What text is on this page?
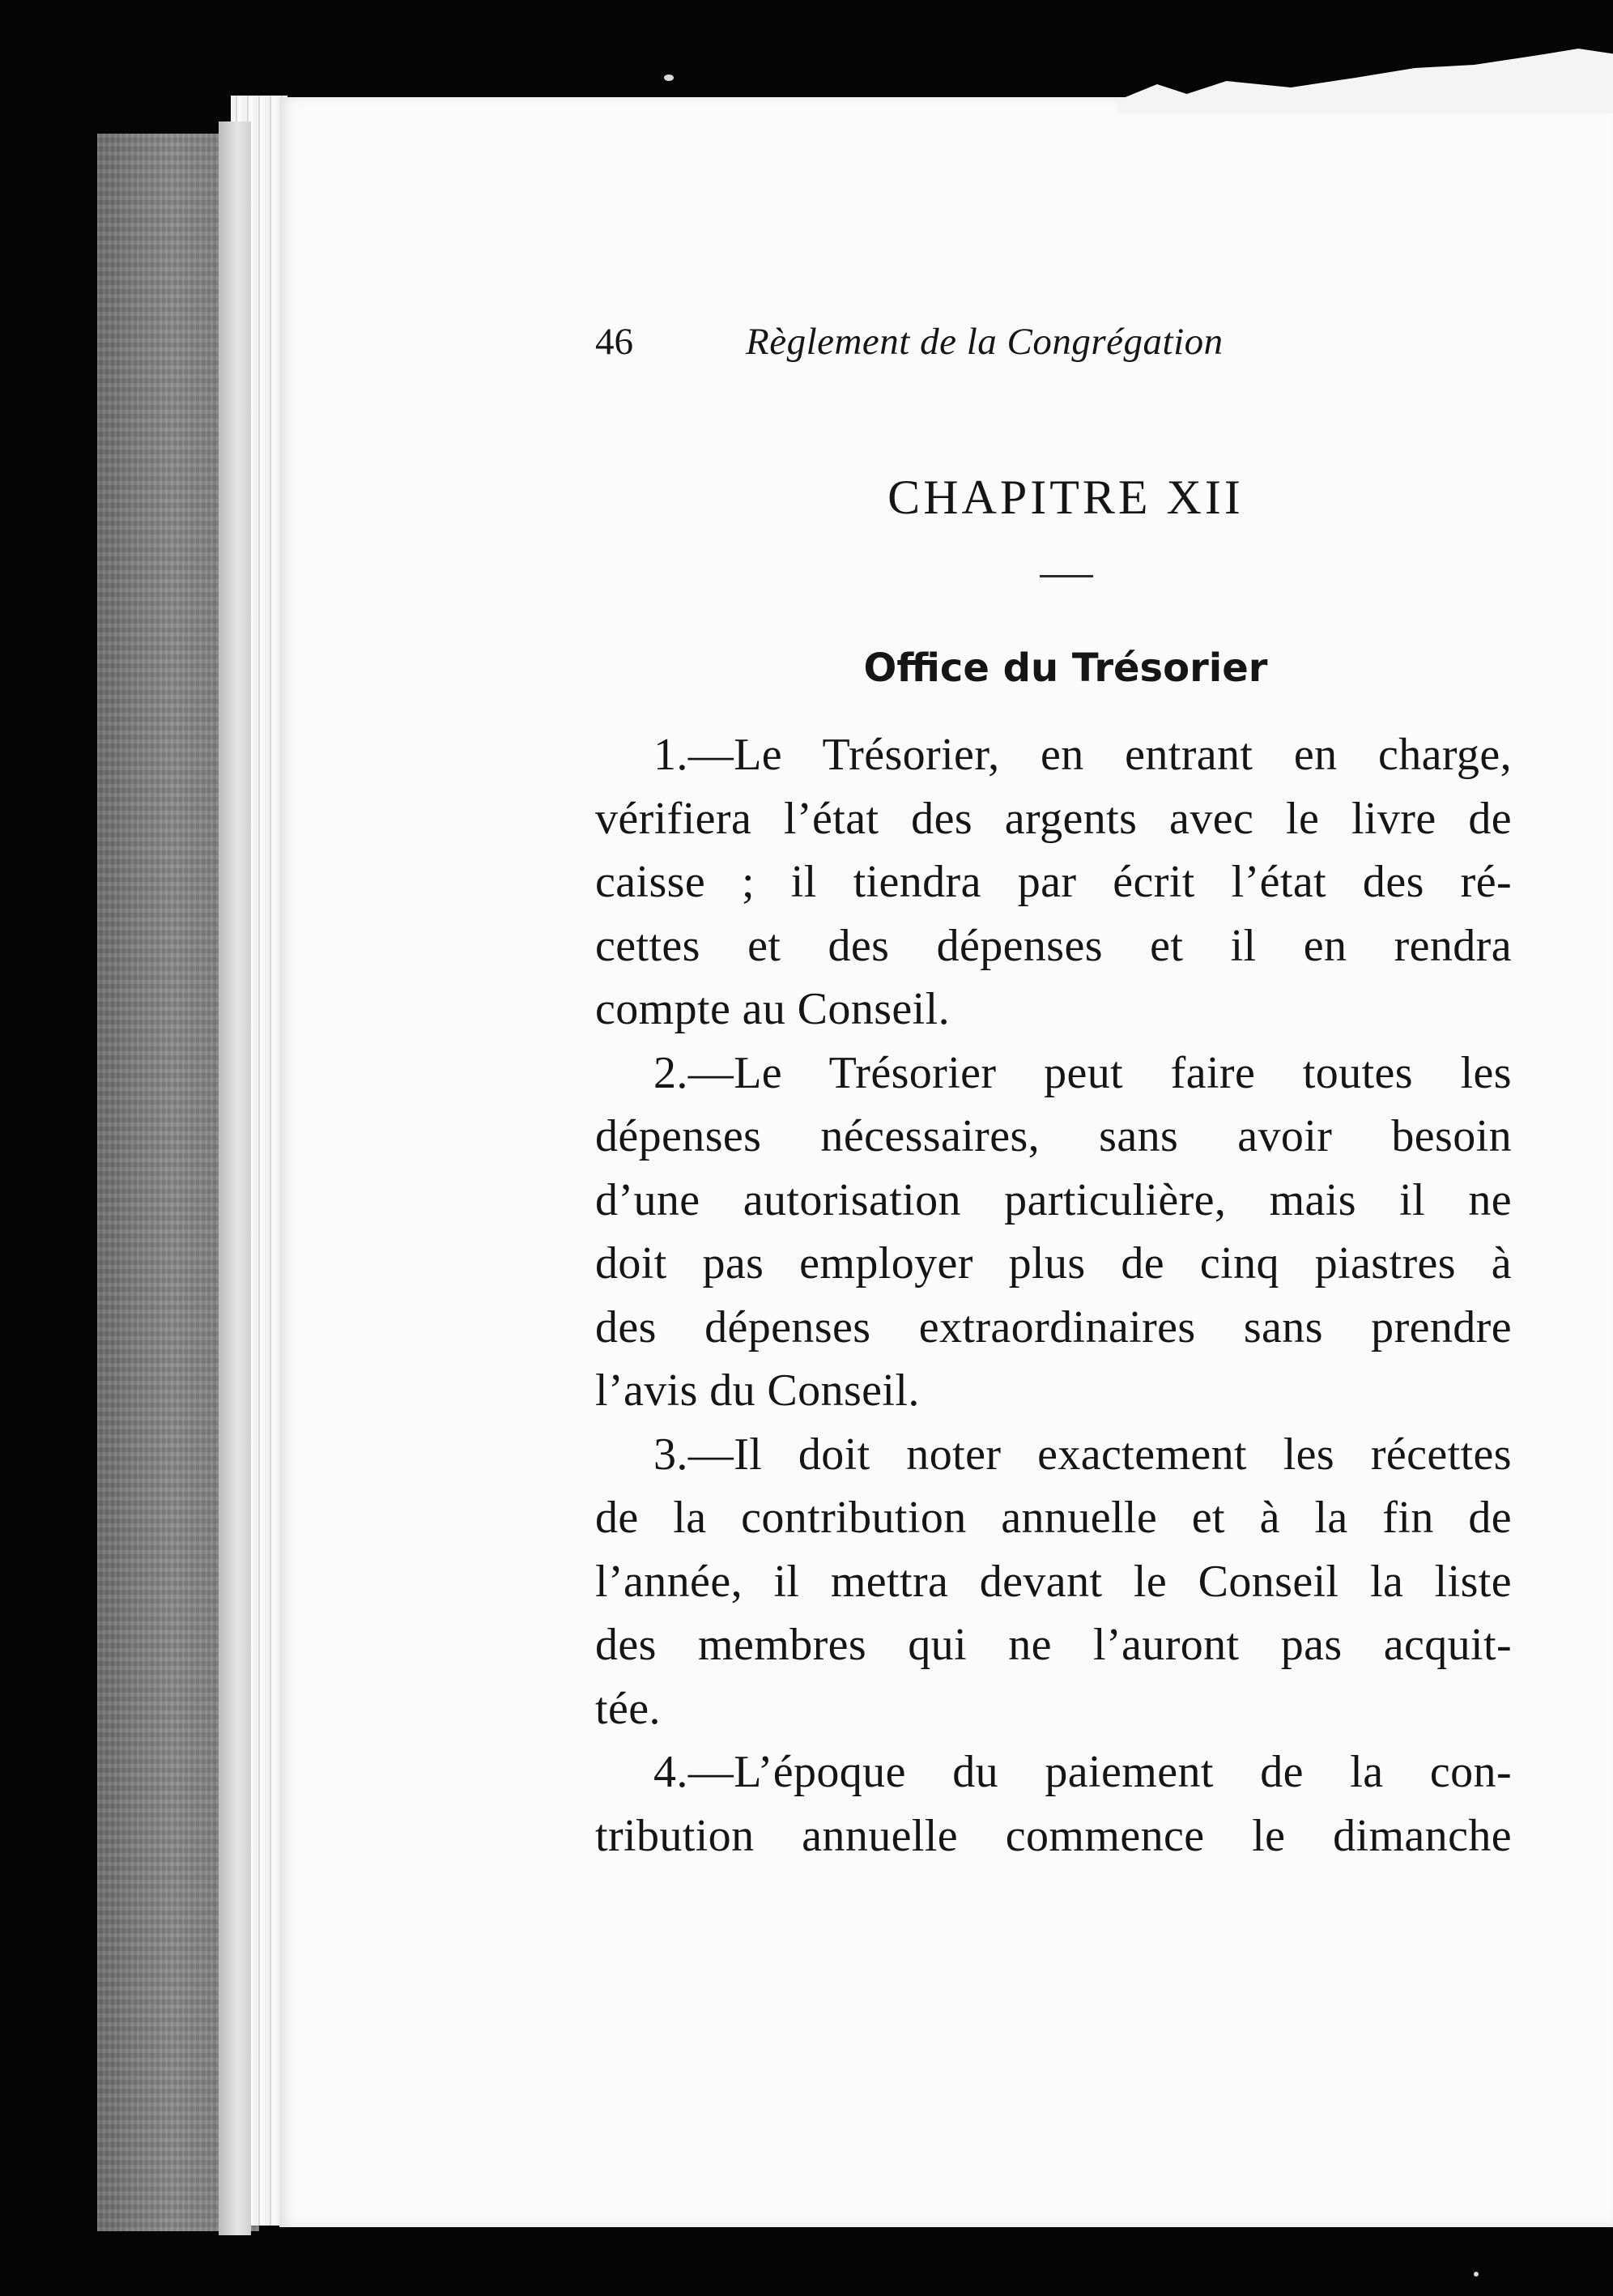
46	Règlement de la Congrégation
CHAPITRE XII
Office du Trésorier
1.—Le Trésorier, en entrant en charge,
vérifiera l’état des argents avec le livre de
caisse ; il tiendra par écrit l’état des ré-
cettes et des dépenses et il en rendra
compte au Conseil.
2.—Le Trésorier peut faire toutes les
dépenses nécessaires, sans avoir besoin
d’une autorisation particulière, mais il ne
doit pas employer plus de cinq piastres à
des dépenses extraordinaires sans prendre
l’avis du Conseil.
3.—Il doit noter exactement les récettes
de la contribution annuelle et à la fin de
l’année, il mettra devant le Conseil la liste
des membres qui ne l’auront pas acquit-
tée.
4.—L’époque du paiement de la con-
tribution annuelle commence le dimanche
